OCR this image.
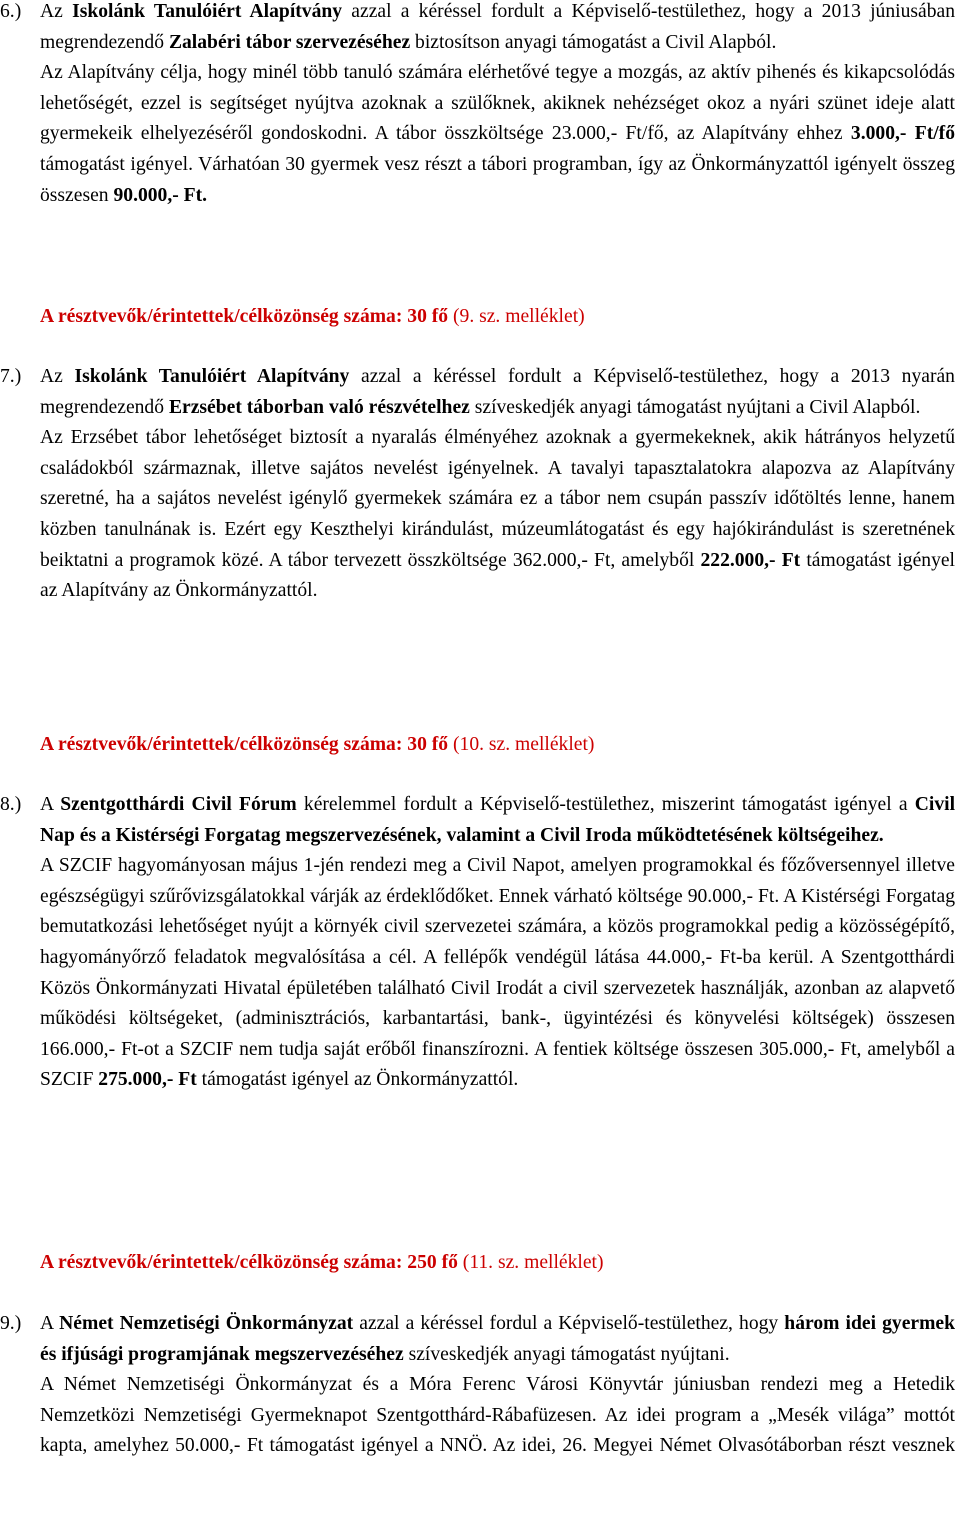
6.) Az Iskolánk Tanulóiért Alapítvány azzal a kéréssel fordult a Képviselő-testülethez, hogy a 2013 júniusában megrendezendő Zalabéri tábor szervezéséhez biztosítson anyagi támogatást a Civil Alapból.

Az Alapítvány célja, hogy minél több tanuló számára elérhetővé tegye a mozgás, az aktív pihenés és kikapcsolódás lehetőségét, ezzel is segítséget nyújtva azoknak a szülőknek, akiknek nehézséget okoz a nyári szünet ideje alatt gyermekeik elhelyezéséről gondoskodni. A tábor összköltsége 23.000,- Ft/fő, az Alapítvány ehhez 3.000,- Ft/fő támogatást igényel. Várhatóan 30 gyermek vesz részt a tábori programban, így az Önkormányzattól igényelt összeg összesen 90.000,- Ft.

A résztvevők/érintettek/célközönség száma: 30 fő (9. sz. melléklet)
7.) Az Iskolánk Tanulóiért Alapítvány azzal a kéréssel fordult a Képviselő-testülethez, hogy a 2013 nyarán megrendezendő Erzsébet táborban való részvételhez szíveskedjék anyagi támogatást nyújtani a Civil Alapból.

Az Erzsébet tábor lehetőséget biztosít a nyaralás élményéhez azoknak a gyermekeknek, akik hátrányos helyzetű családokból származnak, illetve sajátos nevelést igényelnek. A tavalyi tapasztalatokra alapozva az Alapítvány szeretné, ha a sajátos nevelést igénylő gyermekek számára ez a tábor nem csupán passzív időtöltés lenne, hanem közben tanulnának is. Ezért egy Keszthelyi kirándulást, múzeumlátogatást és egy hajókirándulást is szeretnének beiktatni a programok közé. A tábor tervezett összköltsége 362.000,- Ft, amelyből 222.000,- Ft támogatást igényel az Alapítvány az Önkormányzattól.

A résztvevők/érintettek/célközönség száma: 30 fő (10. sz. melléklet)
8.) A Szentgotthárdi Civil Fórum kérelemmel fordult a Képviselő-testülethez, miszerint támogatást igényel a Civil Nap és a Kistérségi Forgatag megszervezésének, valamint a Civil Iroda működtetésének költségeihez.

A SZCIF hagyományosan május 1-jén rendezi meg a Civil Napot, amelyen programokkal és főzőversennyel illetve egészségügyi szűrővizsgálatokkal várják az érdeklődőket. Ennek várható költsége 90.000,- Ft. A Kistérségi Forgatag bemutatkozási lehetőséget nyújt a környék civil szervezetei számára, a közös programokkal pedig a közösségépítő, hagyományőrző feladatok megvalósítása a cél. A fellépők vendégül látása 44.000,- Ft-ba kerül. A Szentgotthárdi Közös Önkormányzati Hivatal épületében található Civil Irodát a civil szervezetek használják, azonban az alapvető működési költségeket, (adminisztrációs, karbantartási, bank-, ügyintézési és könyvelési költségek) összesen 166.000,- Ft-ot a SZCIF nem tudja saját erőből finanszírozni. A fentiek költsége összesen 305.000,- Ft, amelyből a SZCIF 275.000,- Ft támogatást igényel az Önkormányzattól.

A résztvevők/érintettek/célközönség száma: 250 fő (11. sz. melléklet)
9.) A Német Nemzetiségi Önkormányzat azzal a kéréssel fordul a Képviselő-testülethez, hogy három idei gyermek és ifjúsági programjának megszervezéséhez szíveskedjék anyagi támogatást nyújtani.

A Német Nemzetiségi Önkormányzat és a Móra Ferenc Városi Könyvtár júniusban rendezi meg a Hetedik Nemzetközi Nemzetiségi Gyermeknapot Szentgotthárd-Rábafüzesen. Az idei program a „Mesék világa” mottót kapta, amelyhez 50.000,- Ft támogatást igényel a NNÖ. Az idei, 26. Megyei Német Olvasótáborban részt vesznek
